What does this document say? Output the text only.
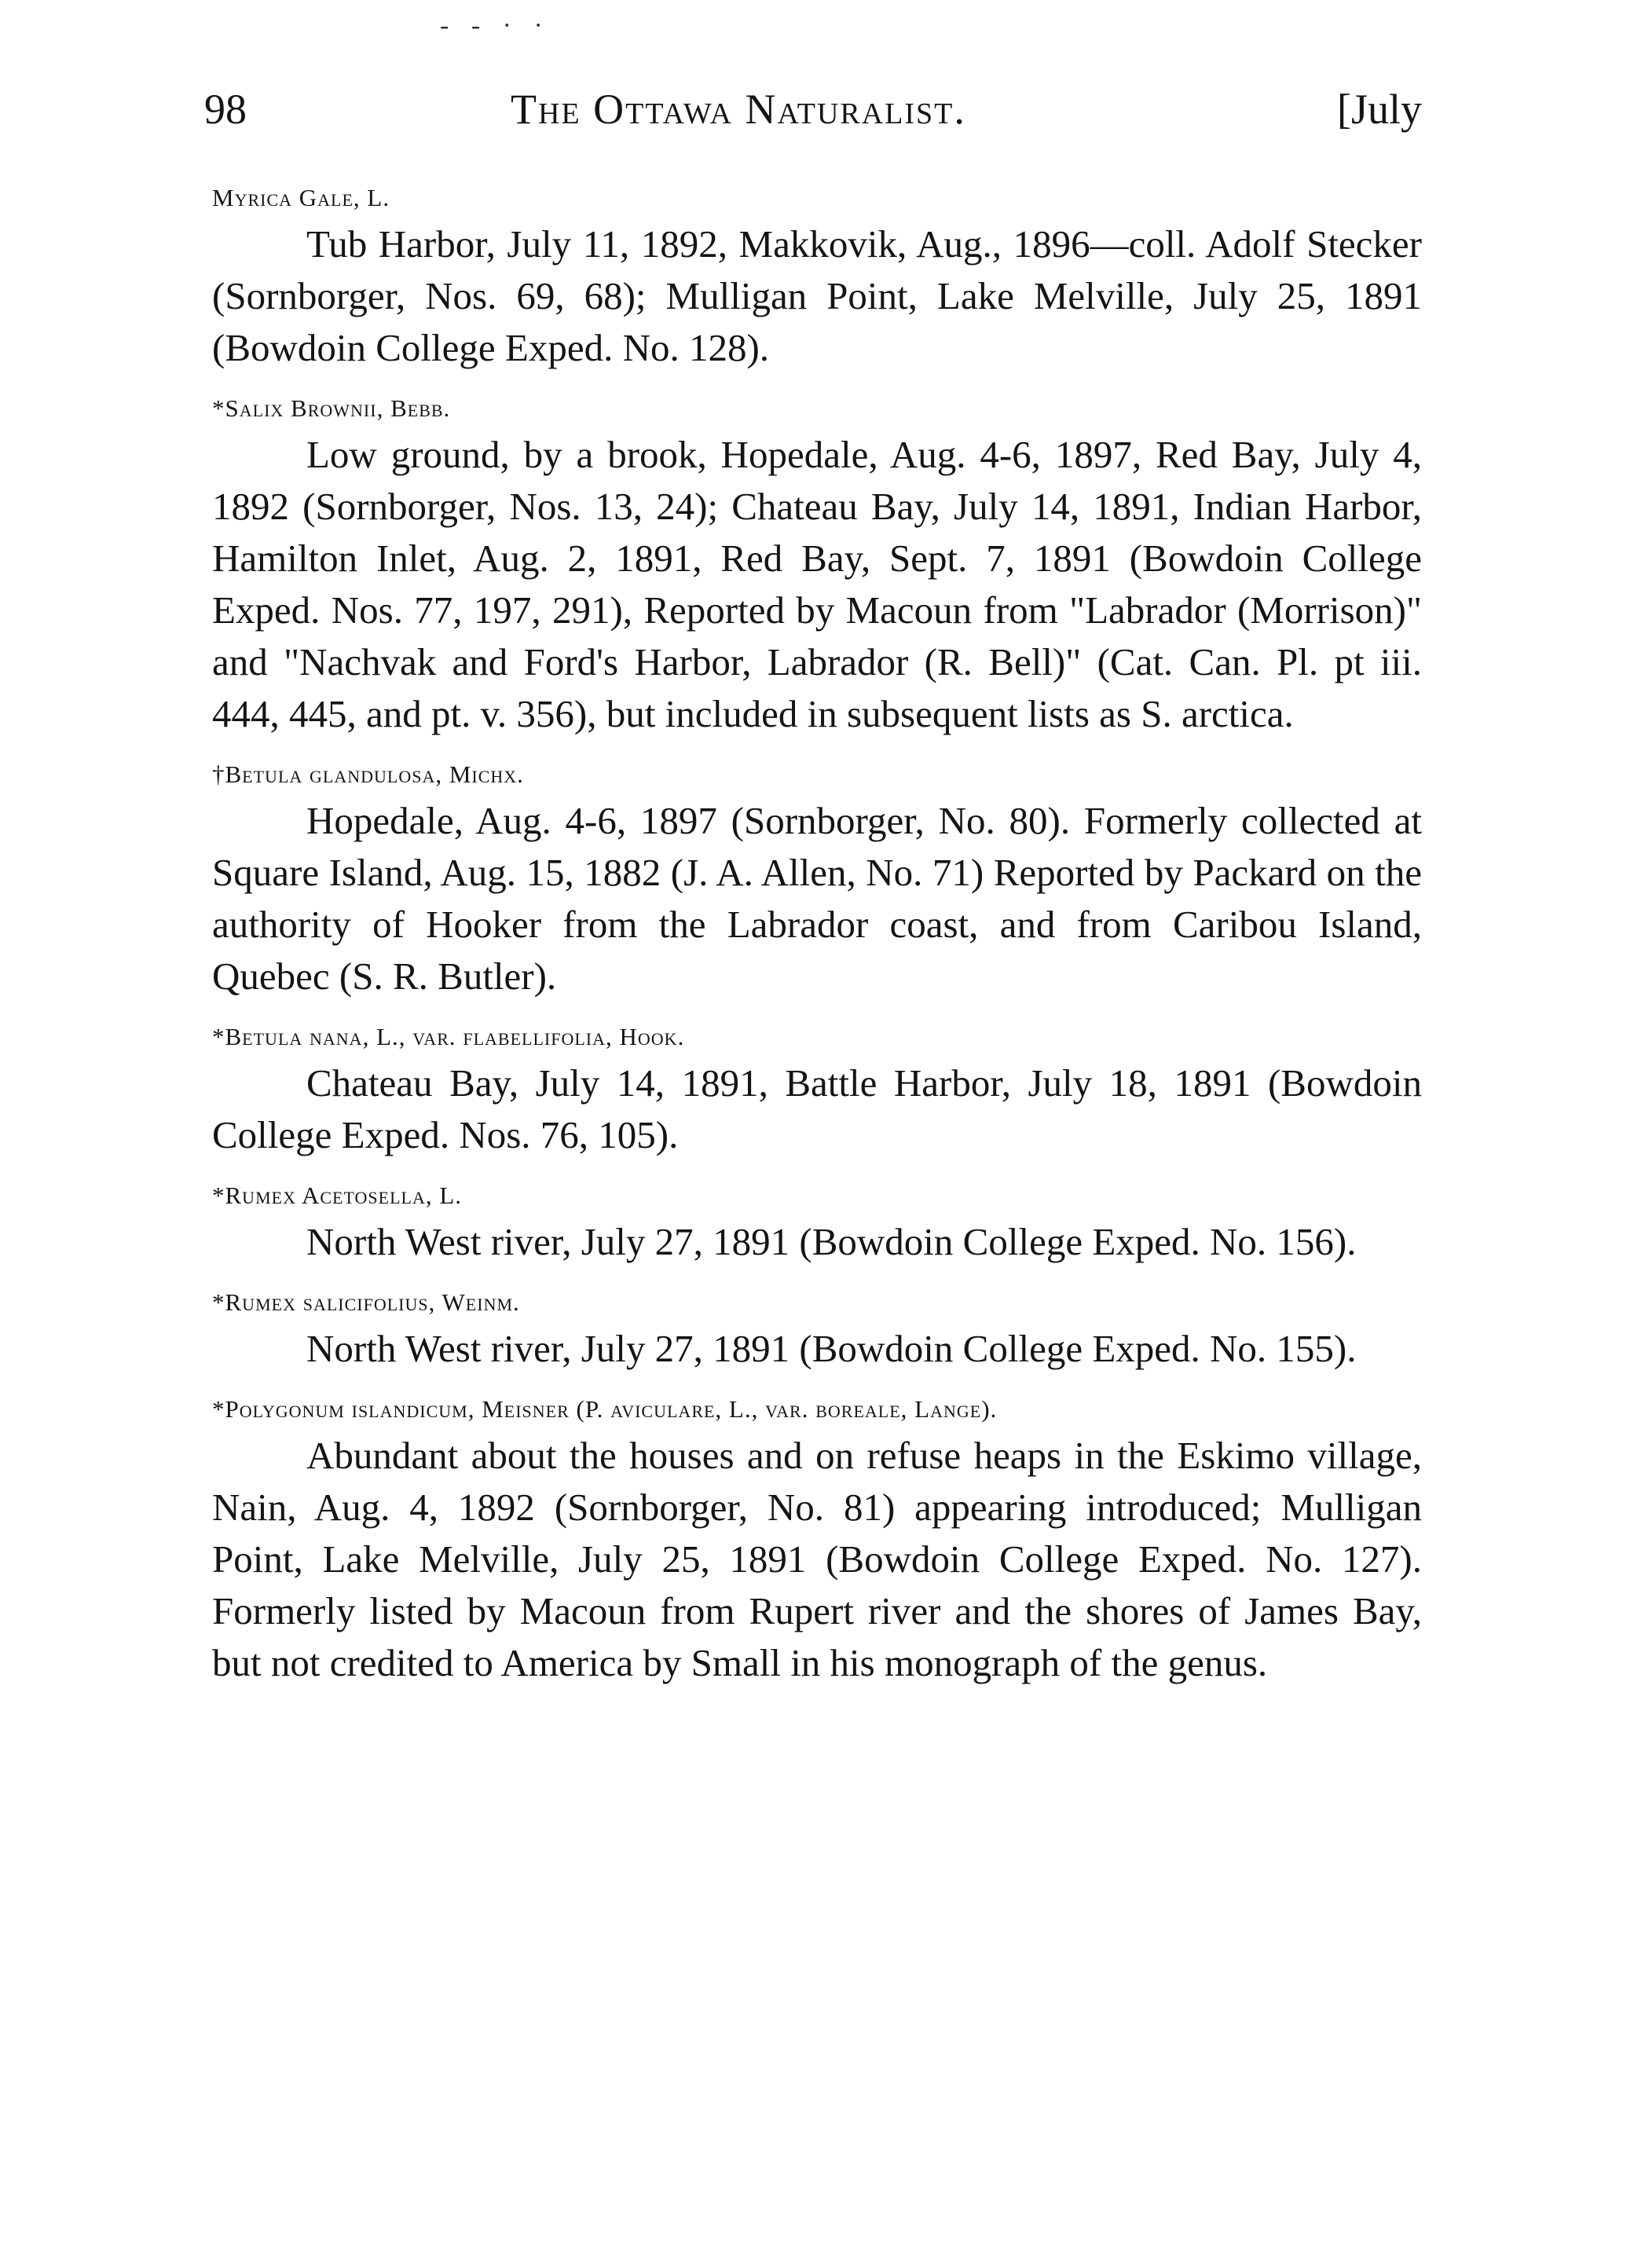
- - · ·
98	The Ottawa Naturalist.	[July

Myrica Gale, L.

Tub Harbor, July 11, 1892, Makkovik, Aug., 1896—coll. Adolf Stecker (Sornborger, Nos. 69, 68); Mulligan Point, Lake Melville, July 25, 1891 (Bowdoin College Exped. No. 128).

*Salix Brownii, Bebb.

Low ground, by a brook, Hopedale, Aug. 4-6, 1897, Red Bay, July 4, 1892 (Sornborger, Nos. 13, 24); Chateau Bay, July 14, 1891, Indian Harbor, Hamilton Inlet, Aug. 2, 1891, Red Bay, Sept. 7, 1891 (Bowdoin College Exped. Nos. 77, 197, 291), Reported by Macoun from "Labrador (Morrison)" and "Nachvak and Ford's Harbor, Labrador (R. Bell)" (Cat. Can. Pl. pt iii. 444, 445, and pt. v. 356), but included in subsequent lists as S. arctica.

†Betula glandulosa, Michx.

Hopedale, Aug. 4-6, 1897 (Sornborger, No. 80). Formerly collected at Square Island, Aug. 15, 1882 (J. A. Allen, No. 71) Reported by Packard on the authority of Hooker from the Labrador coast, and from Caribou Island, Quebec (S. R. Butler).

*Betula nana, L., var. flabellifolia, Hook.

Chateau Bay, July 14, 1891, Battle Harbor, July 18, 1891 (Bowdoin College Exped. Nos. 76, 105).

*Rumex Acetosella, L.

North West river, July 27, 1891 (Bowdoin College Exped. No. 156).

*Rumex salicifolius, Weinm.

North West river, July 27, 1891 (Bowdoin College Exped. No. 155).

*Polygonum islandicum, Meisner (P. aviculare, L., var. boreale, Lange).

Abundant about the houses and on refuse heaps in the Eskimo village, Nain, Aug. 4, 1892 (Sornborger, No. 81) appearing introduced; Mulligan Point, Lake Melville, July 25, 1891 (Bowdoin College Exped. No. 127). Formerly listed by Macoun from Rupert river and the shores of James Bay, but not credited to America by Small in his monograph of the genus.
